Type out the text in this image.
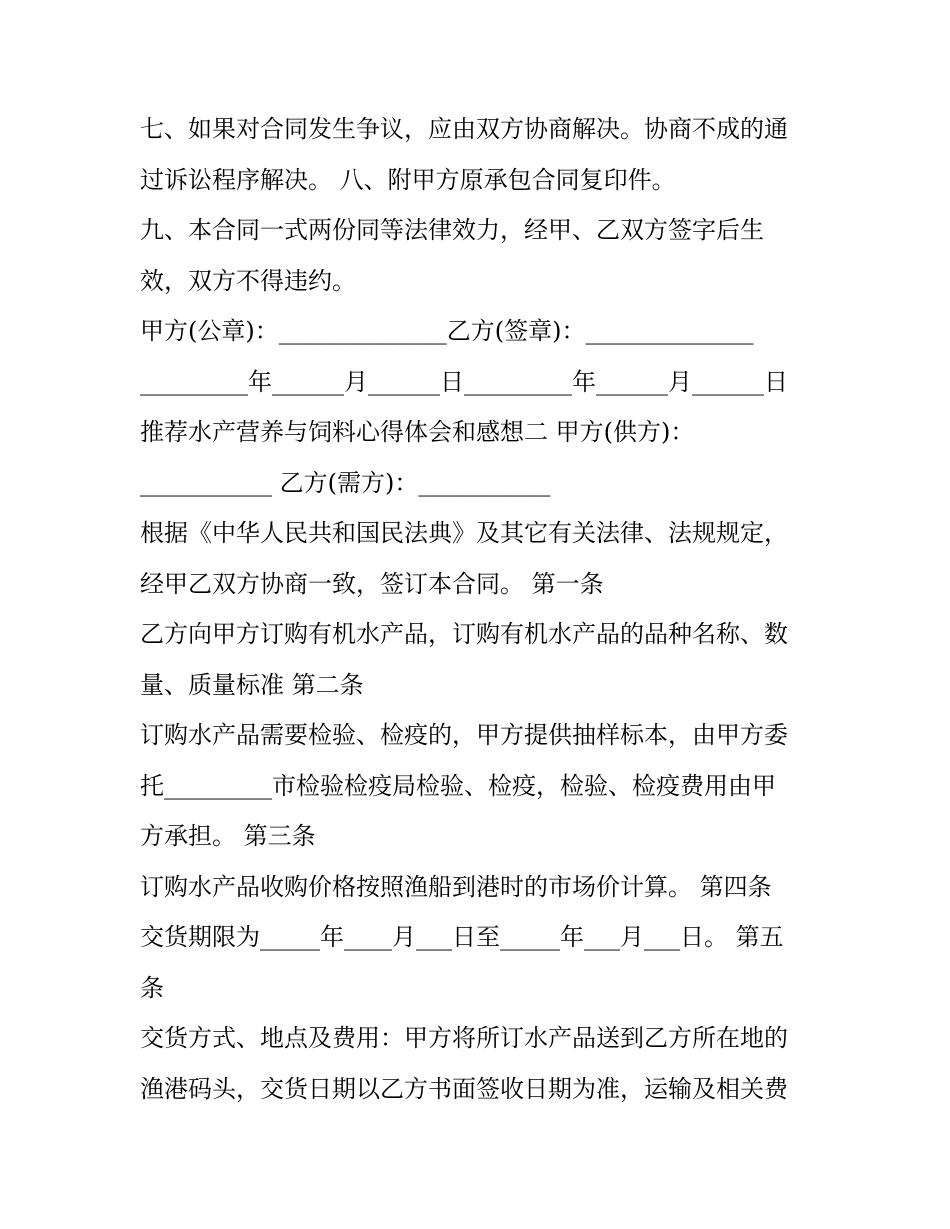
七、如果对合同发生争议，应由双方协商解决。协商不成的通
过诉讼程序解决。 八、附甲方原承包合同复印件。
九、本合同一式两份同等法律效力，经甲、乙双方签字后生
效，双方不得违约。
甲方(公章)：______________乙方(签章)：______________
_________年______月______日_________年______月______日
推荐水产营养与饲料心得体会和感想二 甲方(供方)：
___________ 乙方(需方)：___________
根据《中华人民共和国民法典》及其它有关法律、法规规定，
经甲乙双方协商一致，签订本合同。 第一条
乙方向甲方订购有机水产品，订购有机水产品的品种名称、数
量、质量标准 第二条
订购水产品需要检验、检疫的，甲方提供抽样标本，由甲方委
托_________市检验检疫局检验、检疫，检验、检疫费用由甲
方承担。 第三条
订购水产品收购价格按照渔船到港时的市场价计算。 第四条
交货期限为_____年____月___日至_____年___月___日。 第五
条
交货方式、地点及费用：甲方将所订水产品送到乙方所在地的
渔港码头，交货日期以乙方书面签收日期为准，运输及相关费
